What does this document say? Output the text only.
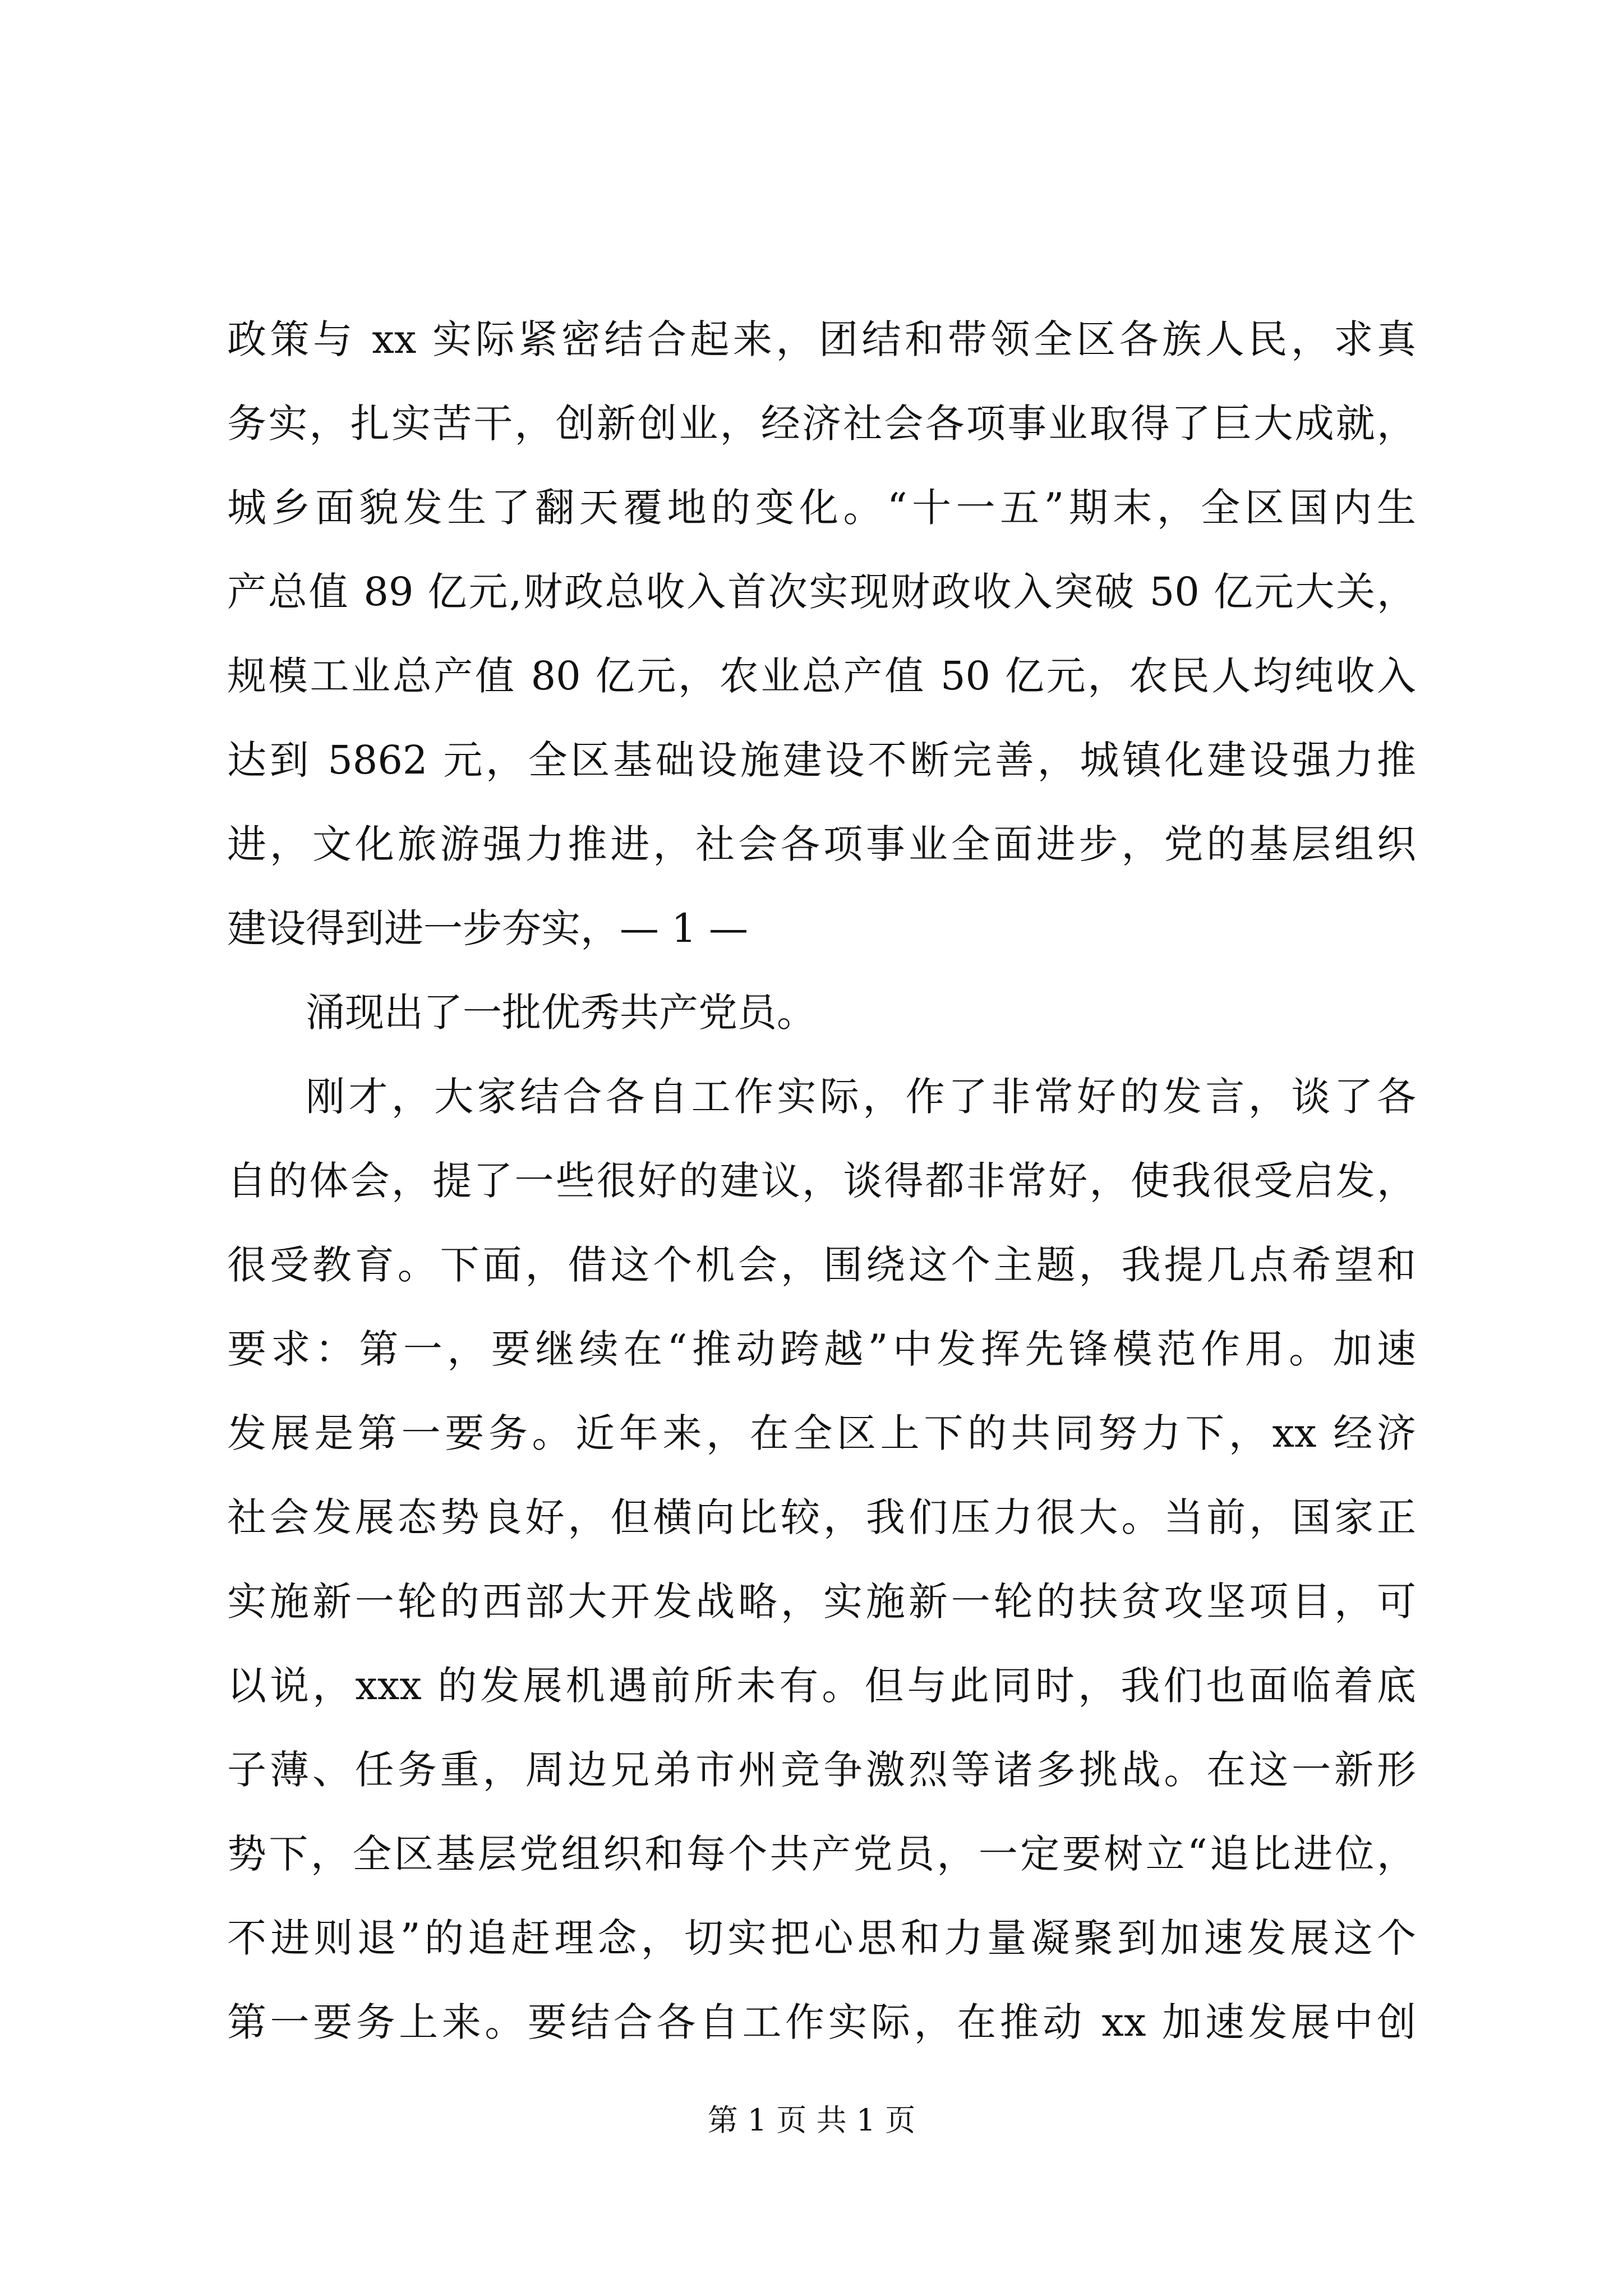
政策与 xx 实际紧密结合起来，团结和带领全区各族人民，求真
务实，扎实苦干，创新创业，经济社会各项事业取得了巨大成就，
城乡面貌发生了翻天覆地的变化。“十一五”期末，全区国内生
产总值 89 亿元,财政总收入首次实现财政收入突破 50 亿元大关，
规模工业总产值 80 亿元，农业总产值 50 亿元，农民人均纯收入
达到 5862 元，全区基础设施建设不断完善，城镇化建设强力推
进，文化旅游强力推进，社会各项事业全面进步，党的基层组织
建设得到进一步夯实，— 1 —
涌现出了一批优秀共产党员。
刚才，大家结合各自工作实际，作了非常好的发言，谈了各
自的体会，提了一些很好的建议，谈得都非常好，使我很受启发，
很受教育。下面，借这个机会，围绕这个主题，我提几点希望和
要求：第一，要继续在“推动跨越”中发挥先锋模范作用。加速
发展是第一要务。近年来，在全区上下的共同努力下，xx 经济
社会发展态势良好，但横向比较，我们压力很大。当前，国家正
实施新一轮的西部大开发战略，实施新一轮的扶贫攻坚项目，可
以说，xxx 的发展机遇前所未有。但与此同时，我们也面临着底
子薄、任务重，周边兄弟市州竞争激烈等诸多挑战。在这一新形
势下，全区基层党组织和每个共产党员，一定要树立“追比进位，
不进则退”的追赶理念，切实把心思和力量凝聚到加速发展这个
第一要务上来。要结合各自工作实际，在推动 xx 加速发展中创
第 1 页 共 1 页
